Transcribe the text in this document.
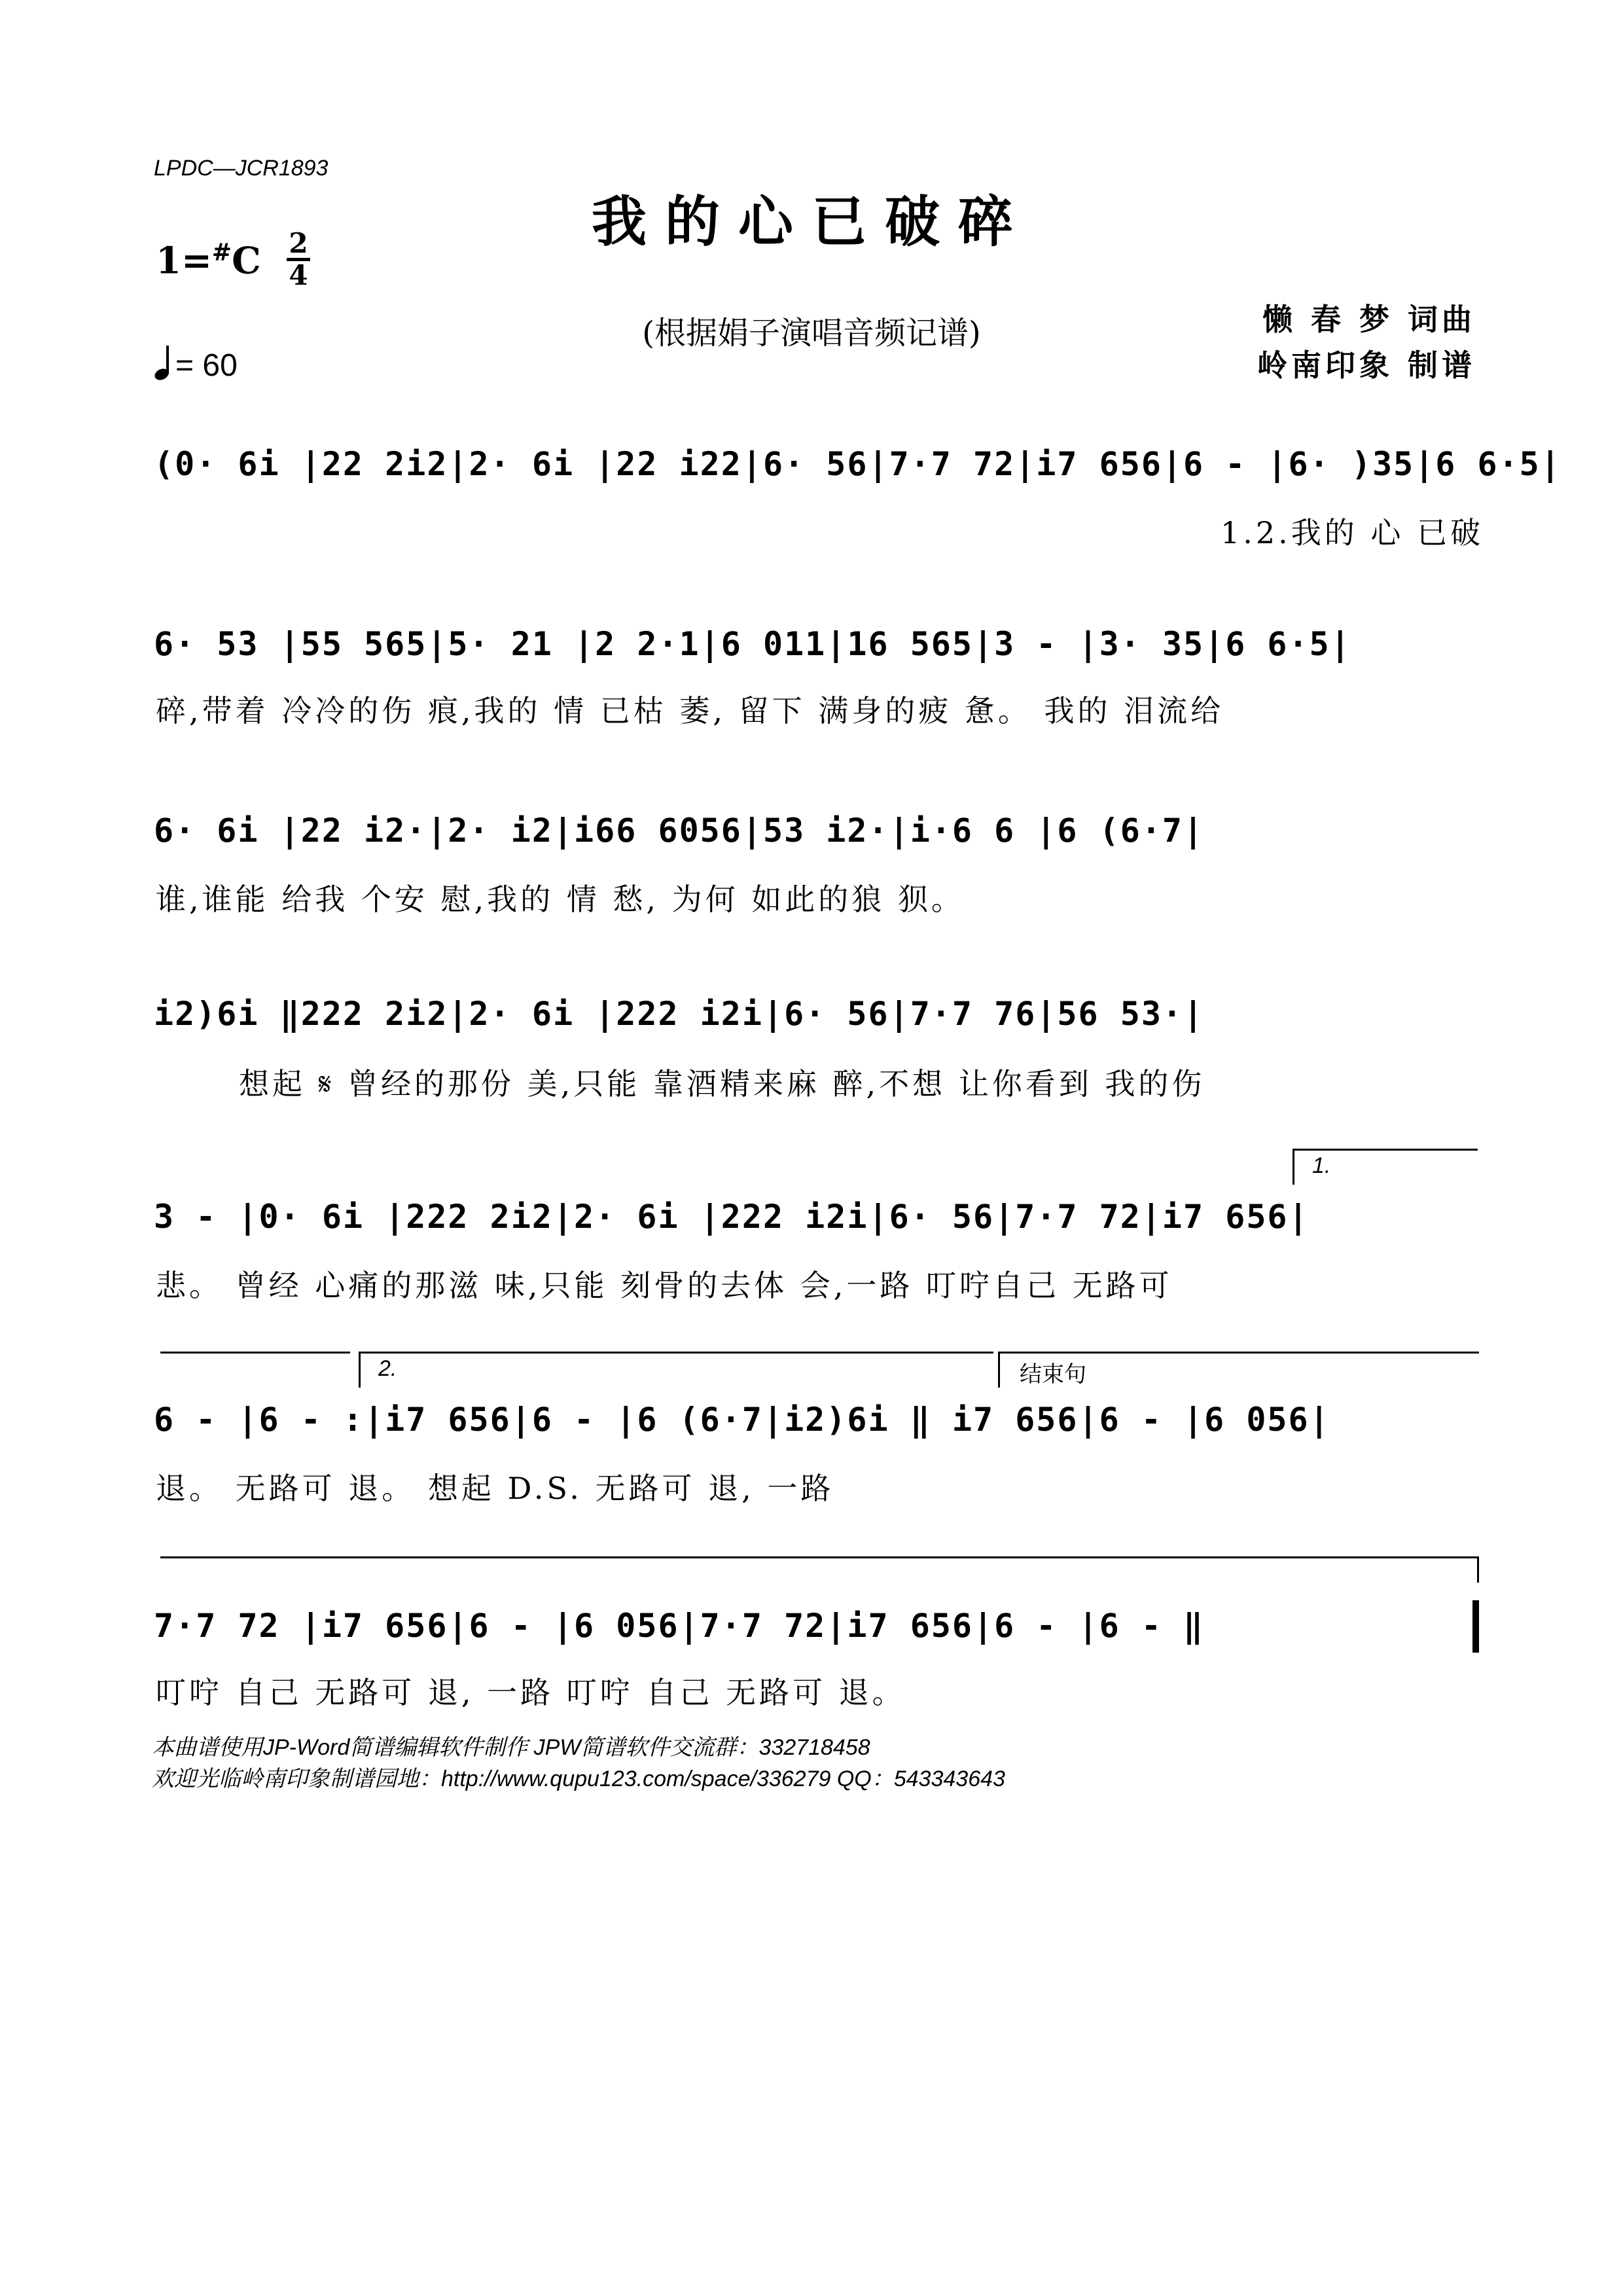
LPDC—JCR1893
我的心已破碎
1=#C 2
4
(根据娟子演唱音频记谱)	懒 春 梦 词曲
岭南印象 制谱
= 60
(0· 6i |22 2i2|2· 6i |22 i22|6· 56|7·7 72|i7 656|6 - |6· )35|6 6·5|
1.2.我的 心 已破
6· 53 |55 565|5· 21 |2 2·1|6 011|16 565|3 - |3· 35|6 6·5|
碎,带着 冷冷的伤 痕,我的 情 已枯 萎, 留下 满身的疲 惫。 我的 泪流给
6· 6i |22 i2·|2· i2|i66 6056|53 i2·|i·6 6 |6 (6·7|
谁,谁能 给我 个安 慰,我的 情 愁, 为何 如此的狼 狈。
i2)6i ‖222 2i2|2· 6i |222 i2i|6· 56|7·7 76|56 53·|
想起 𝄋 曾经的那份 美,只能 靠酒精来麻 醉,不想 让你看到 我的伤
1.
3 - |0· 6i |222 2i2|2· 6i |222 i2i|6· 56|7·7 72|i7 656|
悲。 曾经 心痛的那滋 味,只能 刻骨的去体 会,一路 叮咛自己 无路可
2.	结束句
6 - |6 - :|i7 656|6 - |6 (6·7|i2)6i ‖ i7 656|6 - |6 056|
退。 无路可 退。 想起 D.S. 无路可 退, 一路
7·7 72 |i7 656|6 - |6 056|7·7 72|i7 656|6 - |6 - ‖
叮咛 自己 无路可 退, 一路 叮咛 自己 无路可 退。
本曲谱使用JP-Word简谱编辑软件制作 JPW简谱软件交流群：332718458
欢迎光临岭南印象制谱园地：http://www.qupu123.com/space/336279 QQ：543343643
